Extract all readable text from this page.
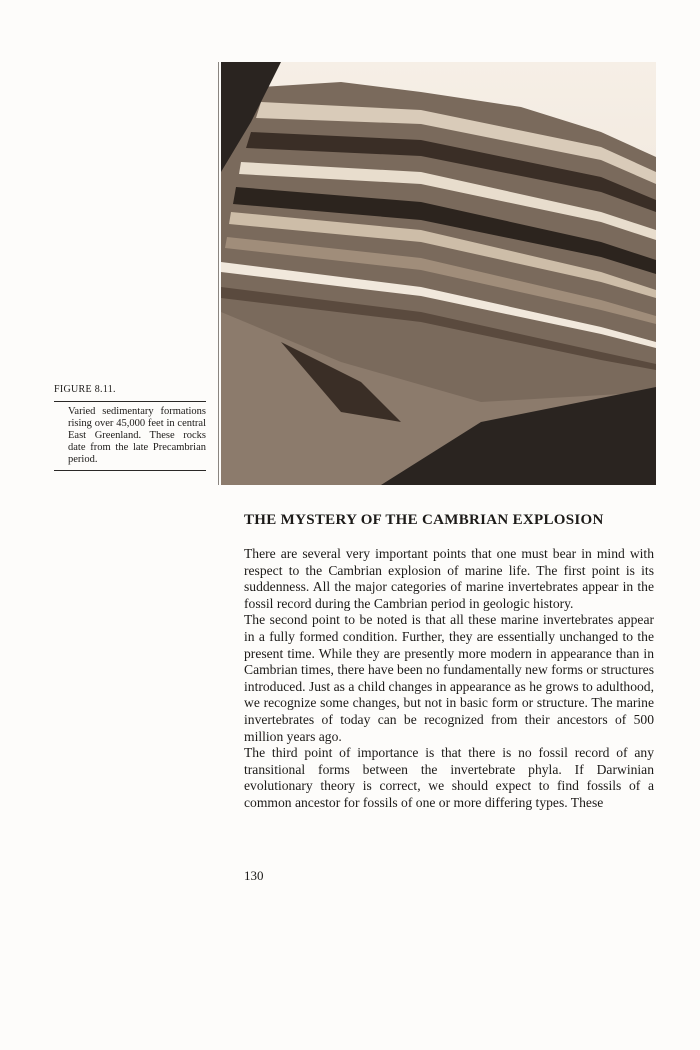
FIGURE 8.11.
Varied sedimentary formations rising over 45,000 feet in central East Greenland. These rocks date from the late Precambrian period.
THE MYSTERY OF THE CAMBRIAN EXPLOSION

There are several very important points that one must bear in mind with respect to the Cambrian explosion of marine life. The first point is its suddenness. All the major categories of marine invertebrates appear in the fossil record during the Cambrian period in geologic history.

The second point to be noted is that all these marine invertebrates appear in a fully formed condition. Further, they are essentially unchanged to the present time. While they are presently more modern in appearance than in Cambrian times, there have been no fundamentally new forms or structures introduced. Just as a child changes in appearance as he grows to adulthood, we recognize some changes, but not in basic form or structure. The marine invertebrates of today can be recognized from their ancestors of 500 million years ago.

The third point of importance is that there is no fossil record of any transitional forms between the invertebrate phyla. If Darwinian evolutionary theory is correct, we should expect to find fossils of a common ancestor for fossils of one or more differing types. These

130
